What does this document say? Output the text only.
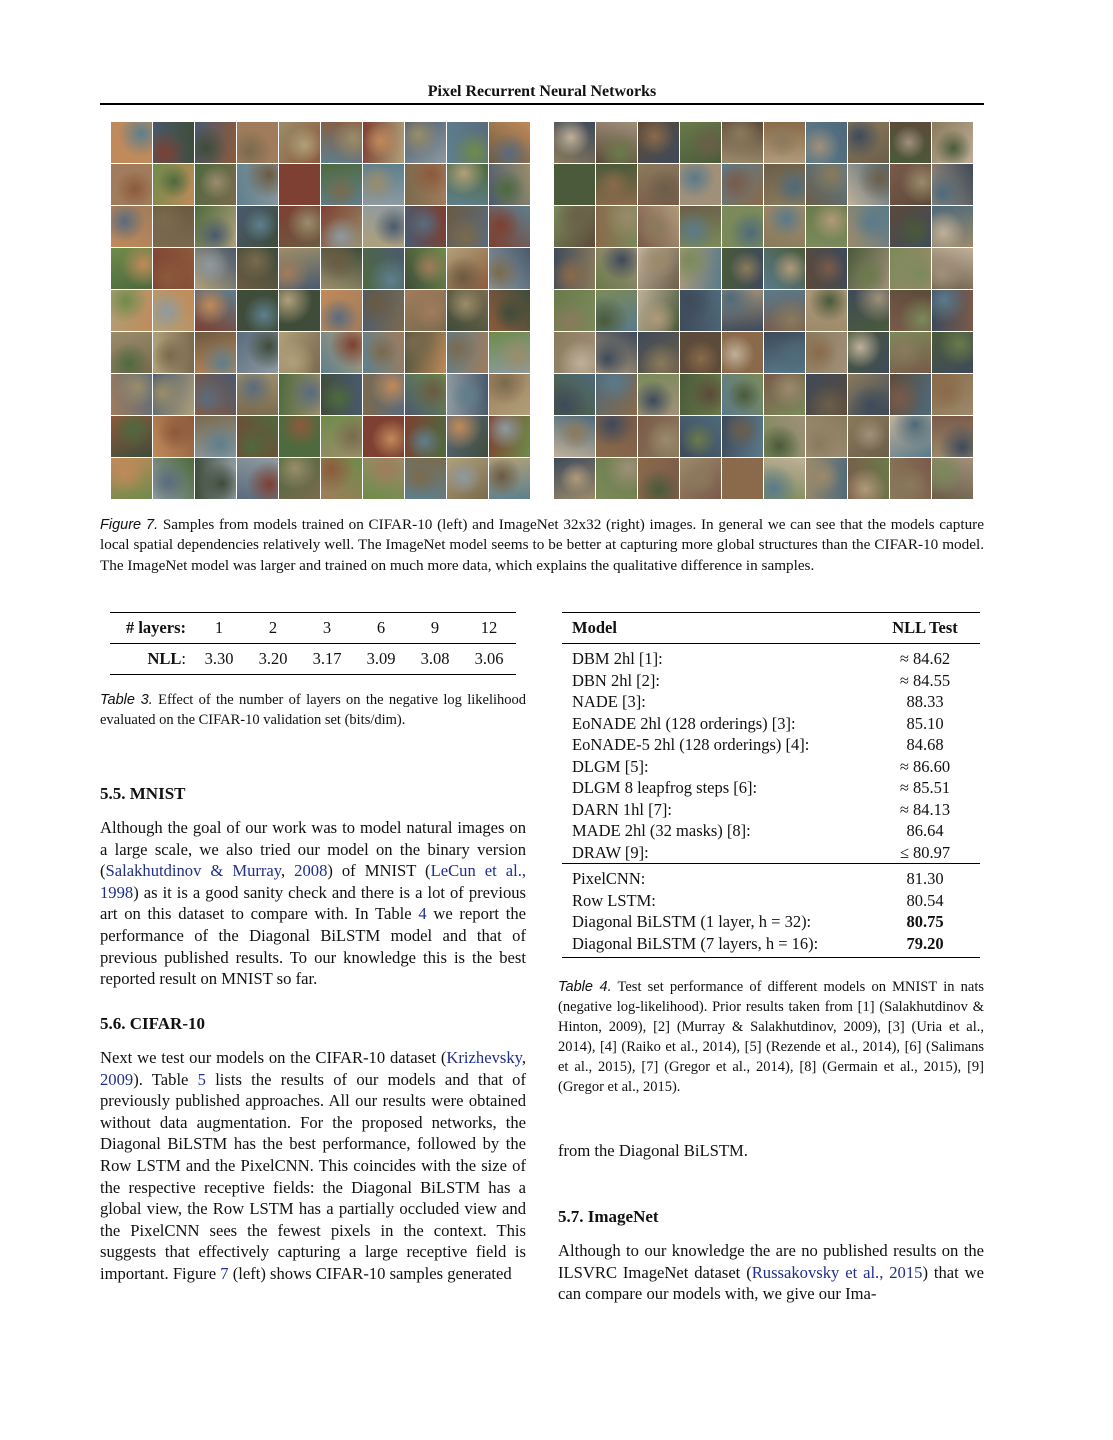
Pixel Recurrent Neural Networks
Figure 7. Samples from models trained on CIFAR-10 (left) and ImageNet 32x32 (right) images. In general we can see that the models capture local spatial dependencies relatively well. The ImageNet model seems to be better at capturing more global structures than the CIFAR-10 model. The ImageNet model was larger and trained on much more data, which explains the qualitative difference in samples.
# layers:	1	2	3	6	9	12
NLL:	3.30	3.20	3.17	3.09	3.08	3.06
Table 3. Effect of the number of layers on the negative log likelihood evaluated on the CIFAR-10 validation set (bits/dim).
5.5. MNIST
Although the goal of our work was to model natural images on a large scale, we also tried our model on the binary version (Salakhutdinov & Murray, 2008) of MNIST (LeCun et al., 1998) as it is a good sanity check and there is a lot of previous art on this dataset to compare with. In Table 4 we report the performance of the Diagonal BiLSTM model and that of previous published results. To our knowledge this is the best reported result on MNIST so far.
5.6. CIFAR-10
Next we test our models on the CIFAR-10 dataset (Krizhevsky, 2009). Table 5 lists the results of our models and that of previously published approaches. All our results were obtained without data augmentation. For the proposed networks, the Diagonal BiLSTM has the best performance, followed by the Row LSTM and the PixelCNN. This coincides with the size of the respective receptive fields: the Diagonal BiLSTM has a global view, the Row LSTM has a partially occluded view and the PixelCNN sees the fewest pixels in the context. This suggests that effectively capturing a large receptive field is important. Figure 7 (left) shows CIFAR-10 samples generated
Model	NLL Test
DBM 2hl [1]:	≈ 84.62
DBN 2hl [2]:	≈ 84.55
NADE [3]:	88.33
EoNADE 2hl (128 orderings) [3]:	85.10
EoNADE-5 2hl (128 orderings) [4]:	84.68
DLGM [5]:	≈ 86.60
DLGM 8 leapfrog steps [6]:	≈ 85.51
DARN 1hl [7]:	≈ 84.13
MADE 2hl (32 masks) [8]:	86.64
DRAW [9]:	≤ 80.97
PixelCNN:	81.30
Row LSTM:	80.54
Diagonal BiLSTM (1 layer, h = 32):	80.75
Diagonal BiLSTM (7 layers, h = 16):	79.20
Table 4. Test set performance of different models on MNIST in nats (negative log-likelihood). Prior results taken from [1] (Salakhutdinov & Hinton, 2009), [2] (Murray & Salakhutdinov, 2009), [3] (Uria et al., 2014), [4] (Raiko et al., 2014), [5] (Rezende et al., 2014), [6] (Salimans et al., 2015), [7] (Gregor et al., 2014), [8] (Germain et al., 2015), [9] (Gregor et al., 2015).
from the Diagonal BiLSTM.
5.7. ImageNet
Although to our knowledge the are no published results on the ILSVRC ImageNet dataset (Russakovsky et al., 2015) that we can compare our models with, we give our Ima-
